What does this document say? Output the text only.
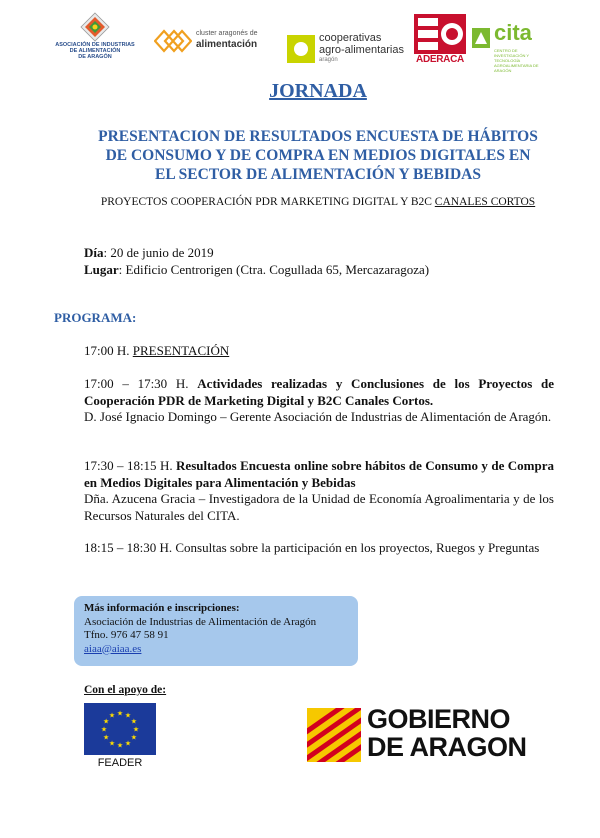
ASOCIACIÓN DE INDUSTRIAS
DE ALIMENTACIÓN
DE ARAGÓN
cluster aragonés de
alimentación
cooperativas
agro-alimentarias
aragón	ADERACA
cita
CENTRO DE INVESTIGACIÓN Y TECNOLOGÍA AGROALIMENTARIA DE ARAGÓN
JORNADA
PRESENTACION DE RESULTADOS ENCUESTA DE HÁBITOS
DE CONSUMO Y DE COMPRA EN MEDIOS DIGITALES EN
EL SECTOR DE ALIMENTACIÓN Y BEBIDAS
PROYECTOS COOPERACIÓN PDR MARKETING DIGITAL Y B2C CANALES CORTOS
Día: 20 de junio de 2019
Lugar: Edificio Centrorigen (Ctra. Cogullada 65, Mercazaragoza)
PROGRAMA:
17:00 H. PRESENTACIÓN
17:00 – 17:30 H. Actividades realizadas y Conclusiones de los Proyectos de Cooperación PDR de Marketing Digital y B2C Canales Cortos.
D. José Ignacio Domingo – Gerente Asociación de Industrias de Alimentación de Aragón.
17:30 – 18:15 H. Resultados Encuesta online sobre hábitos de Consumo y de Compra en Medios Digitales para Alimentación y Bebidas
Dña. Azucena Gracia – Investigadora de la Unidad de Economía Agroalimentaria y de los Recursos Naturales del CITA.
18:15 – 18:30 H. Consultas sobre la participación en los proyectos, Ruegos y Preguntas
Más información e inscripciones:
Asociación de Industrias de Alimentación de Aragón
Tfno. 976 47 58 91
aiaa@aiaa.es
Con el apoyo de:
★ ★
★
★
★
★
★
★
★
★
★
★
FEADER
GOBIERNO
DE ARAGON
